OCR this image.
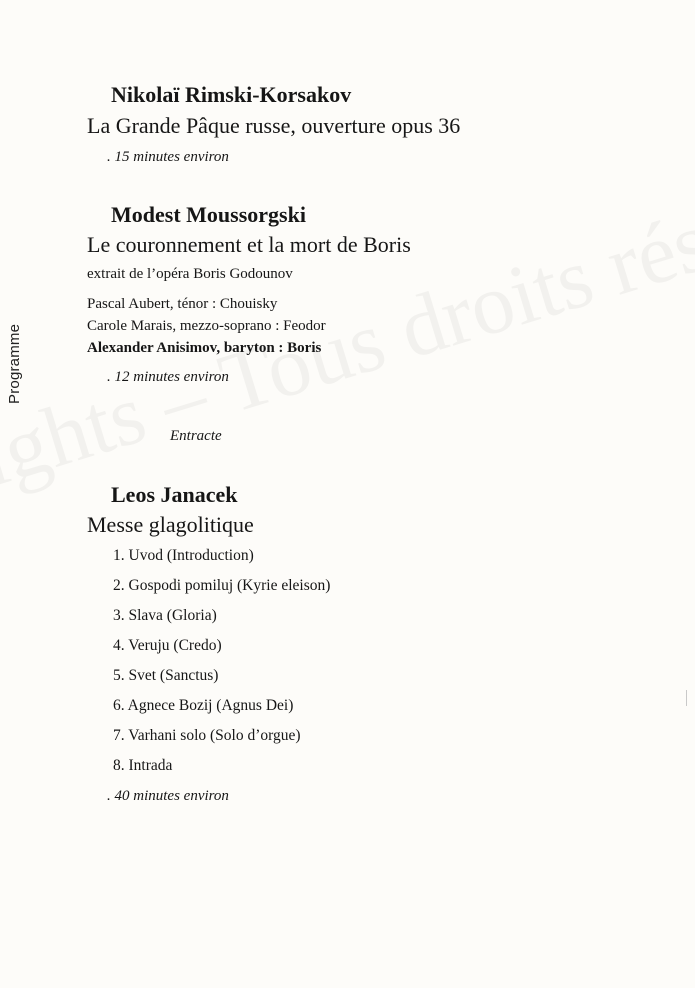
Programme
Nikolaï Rimski-Korsakov
La Grande Pâque russe, ouverture opus 36
. 15 minutes environ
Modest Moussorgski
Le couronnement et la mort de Boris
extrait de l’opéra Boris Godounov
Pascal Aubert, ténor : Chouisky
Carole Marais, mezzo-soprano : Feodor
Alexander Anisimov, baryton : Boris
. 12 minutes environ
Entracte
Leos Janacek
Messe glagolitique
1. Uvod (Introduction)
2. Gospodi pomiluj (Kyrie eleison)
3. Slava (Gloria)
4. Veruju (Credo)
5. Svet (Sanctus)
6. Agnece Bozij (Agnus Dei)
7. Varhani solo (Solo d’orgue)
8. Intrada
. 40 minutes environ
